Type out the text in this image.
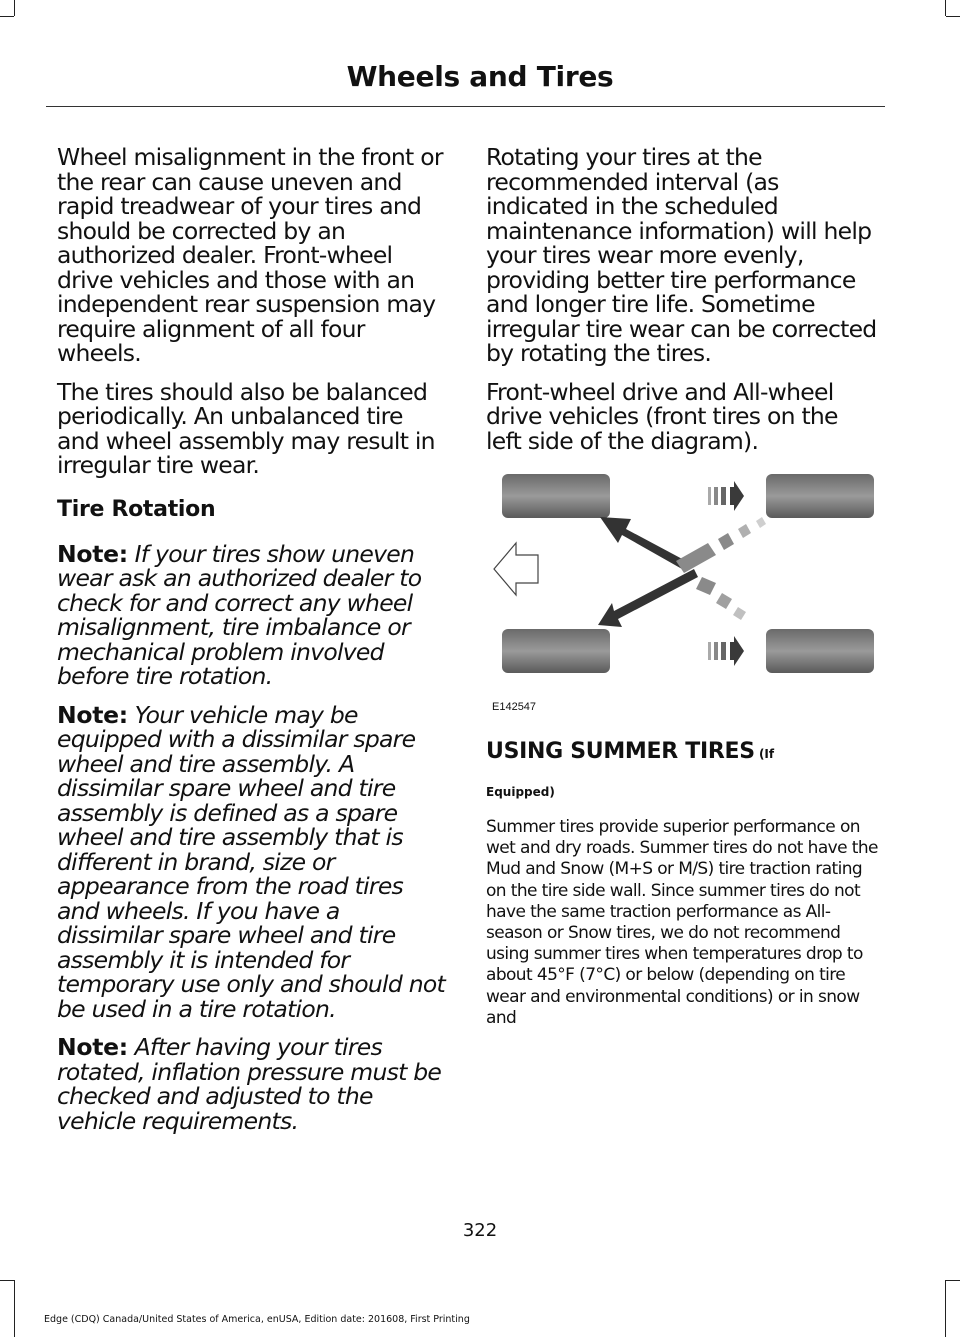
Wheels and Tires

Wheel misalignment in the front or the rear can cause uneven and rapid treadwear of your tires and should be corrected by an authorized dealer. Front-wheel drive vehicles and those with an independent rear suspension may require alignment of all four wheels.

The tires should also be balanced periodically. An unbalanced tire and wheel assembly may result in irregular tire wear.

Tire Rotation

Note: If your tires show uneven wear ask an authorized dealer to check for and correct any wheel misalignment, tire imbalance or mechanical problem involved before tire rotation.

Note: Your vehicle may be equipped with a dissimilar spare wheel and tire assembly. A dissimilar spare wheel and tire assembly is defined as a spare wheel and tire assembly that is different in brand, size or appearance from the road tires and wheels. If you have a dissimilar spare wheel and tire assembly it is intended for temporary use only and should not be used in a tire rotation.

Note: After having your tires rotated, inflation pressure must be checked and adjusted to the vehicle requirements.

Rotating your tires at the recommended interval (as indicated in the scheduled maintenance information) will help your tires wear more evenly, providing better tire performance and longer tire life. Sometime irregular tire wear can be corrected by rotating the tires.

Front-wheel drive and All-wheel drive vehicles (front tires on the left side of the diagram).

E142547
USING SUMMER TIRES (If
Equipped)

Summer tires provide superior performance on wet and dry roads. Summer tires do not have the Mud and Snow (M+S or M/S) tire traction rating on the tire side wall. Since summer tires do not have the same traction performance as All-season or Snow tires, we do not recommend using summer tires when temperatures drop to about 45°F (7°C) or below (depending on tire wear and environmental conditions) or in snow and

322
Edge (CDQ) Canada/United States of America, enUSA, Edition date: 201608, First Printing
